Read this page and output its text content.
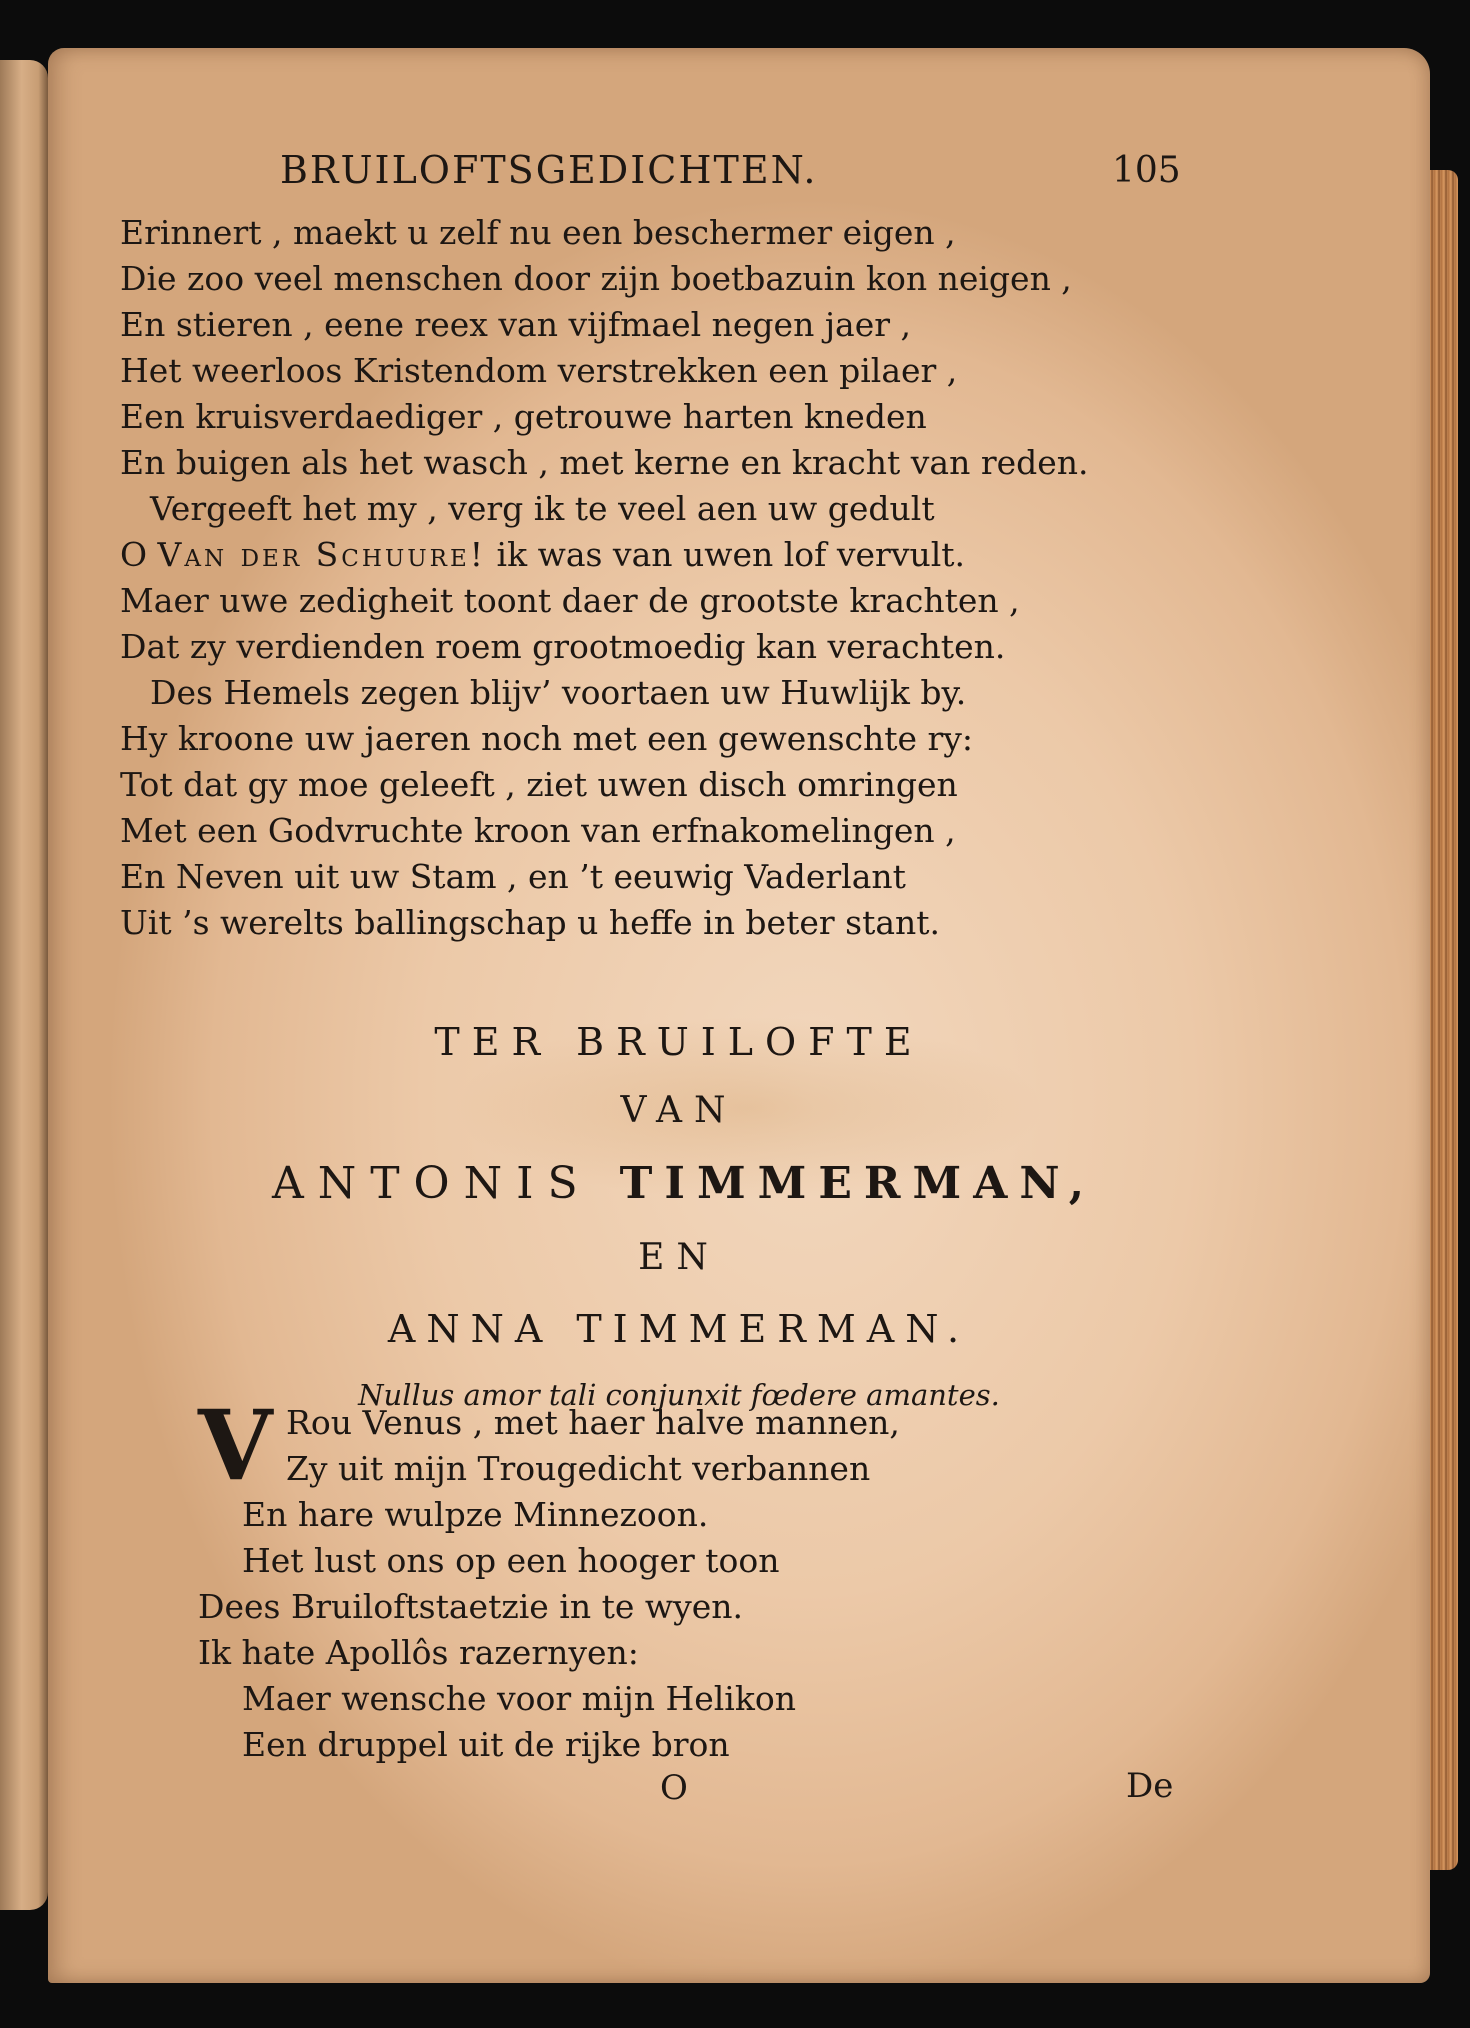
BRUILOFTSGEDICHTEN.	105
Erinnert , maekt u zelf nu een beschermer eigen ,
Die zoo veel menschen door zijn boetbazuin kon neigen ,
En stieren , eene reex van vijfmael negen jaer ,
Het weerloos Kristendom verstrekken een pilaer ,
Een kruisverdaediger , getrouwe harten kneden
En buigen als het wasch , met kerne en kracht van reden.
Vergeeft het my , verg ik te veel aen uw gedult
O Van der Schuure! ik was van uwen lof vervult.
Maer uwe zedigheit toont daer de grootste krachten ,
Dat zy verdienden roem grootmoedig kan verachten.
Des Hemels zegen blijv’ voortaen uw Huwlijk by.
Hy kroone uw jaeren noch met een gewenschte ry:
Tot dat gy moe geleeft , ziet uwen disch omringen
Met een Godvruchte kroon van erfnakomelingen ,
En Neven uit uw Stam , en ’t eeuwig Vaderlant
Uit ’s werelts ballingschap u heffe in beter stant.
TER BRUILOFTE
VAN
ANTONIS TIMMERMAN,
EN
ANNA TIMMERMAN.
Nullus amor tali conjunxit fœdere amantes.
V Rou Venus , met haer halve mannen,
Zy uit mijn Trougedicht verbannen
En hare wulpze Minnezoon.
Het lust ons op een hooger toon
Dees Bruiloftstaetzie in te wyen.
Ik hate Apollôs razernyen:
Maer wensche voor mijn Helikon
Een druppel uit de rijke bron
O	De
